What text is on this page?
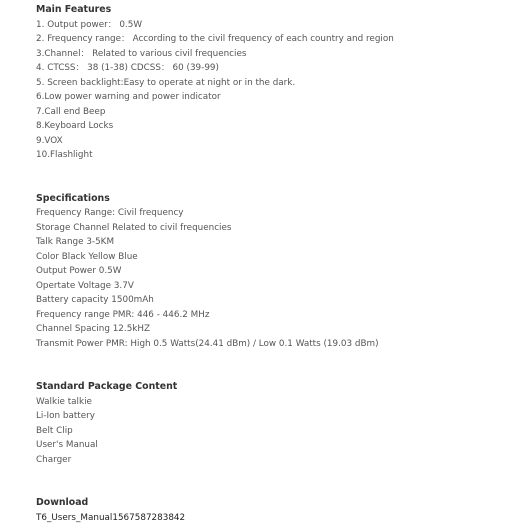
Main Features
1. Output power： 0.5W
2. Frequency range： According to the civil frequency of each country and region
3.Channel： Related to various civil frequencies
4. CTCSS： 38 (1-38) CDCSS： 60 (39-99)
5. Screen backlight:Easy to operate at night or in the dark.
6.Low power warning and power indicator
7.Call end Beep
8.Keyboard Locks
9.VOX
10.Flashlight
Specifications
Frequency Range: Civil frequency
Storage Channel Related to civil frequencies
Talk Range 3-5KM
Color Black Yellow Blue
Output Power 0.5W
Opertate Voltage 3.7V
Battery capacity 1500mAh
Frequency range PMR: 446 - 446.2 MHz
Channel Spacing 12.5kHZ
Transmit Power PMR: High 0.5 Watts(24.41 dBm) / Low 0.1 Watts (19.03 dBm)
Standard Package Content
Walkie talkie
Li-Ion battery
Belt Clip
User's Manual
Charger
Download
T6_Users_Manual1567587283842
